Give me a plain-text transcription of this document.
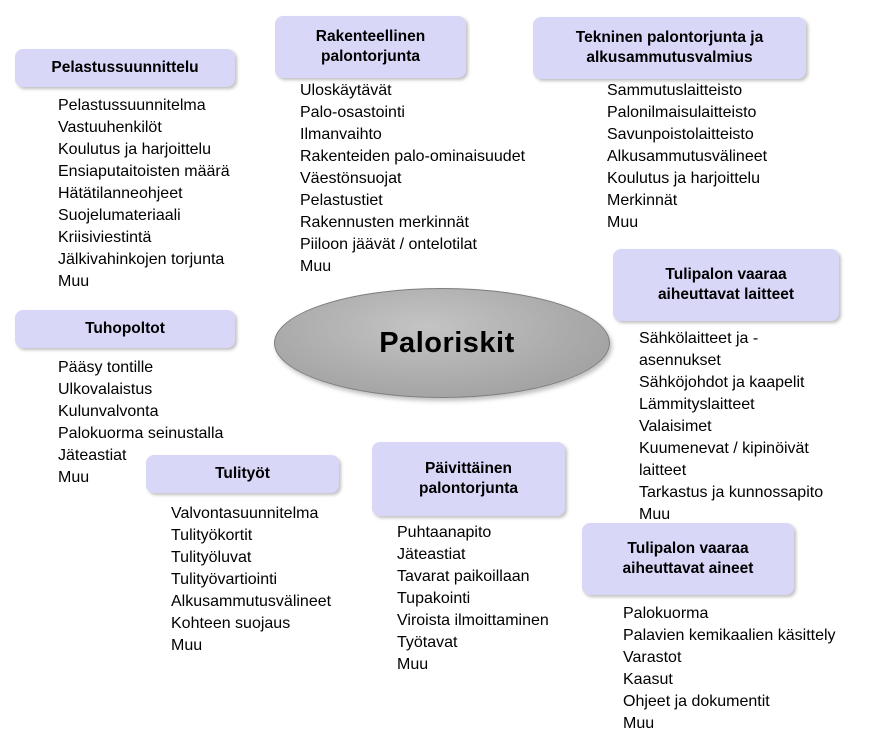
Paloriskit
Pelastussuunnittelu
Pelastussuunnitelma
Vastuuhenkilöt
Koulutus ja harjoittelu
Ensiaputaitoisten määrä
Hätätilanneohjeet
Suojelumateriaali
Kriisiviestintä
Jälkivahinkojen torjunta
Muu
Rakenteellinen palontorjunta
Uloskäytävät
Palo-osastointi
Ilmanvaihto
Rakenteiden palo-ominaisuudet
Väestönsuojat
Pelastustiet
Rakennusten merkinnät
Piiloon jäävät / ontelotilat
Muu
Tekninen palontorjunta ja alkusammutusvalmius
Sammutuslaitteisto
Palonilmaisulaitteisto
Savunpoistolaitteisto
Alkusammutusvälineet
Koulutus ja harjoittelu
Merkinnät
Muu
Tulipalon vaaraa aiheuttavat laitteet
Sähkölaitteet ja -asennukset
Sähköjohdot ja kaapelit
Lämmityslaitteet
Valaisimet
Kuumenevat / kipinöivät laitteet
Tarkastus ja kunnossapito
Muu
Tuhopoltot
Pääsy tontille
Ulkovalaistus
Kulunvalvonta
Palokuorma seinustalla
Jäteastiat
Muu	Tulityöt
Valvontasuunnitelma
Tulityökortit
Tulityöluvat
Tulityövartiointi
Alkusammutusvälineet
Kohteen suojaus
Muu
Päivittäinen palontorjunta
Puhtaanapito
Jäteastiat
Tavarat paikoillaan
Tupakointi
Viroista ilmoittaminen
Työtavat
Muu
Tulipalon vaaraa aiheuttavat aineet
Palokuorma
Palavien kemikaalien käsittely
Varastot
Kaasut
Ohjeet ja dokumentit
Muu
